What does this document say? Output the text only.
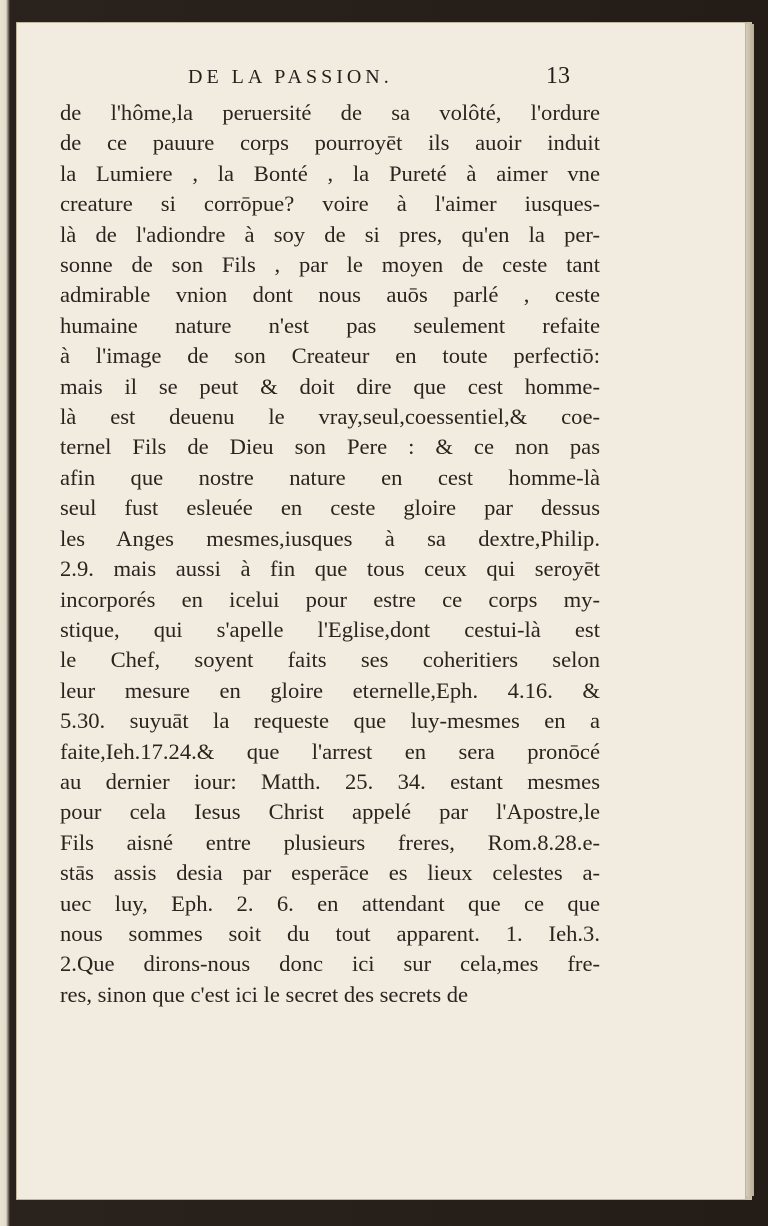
DE LA PASSION.	13
de l'hôme,la peruersité de sa volôté, l'ordure
de ce pauure corps pourroyēt ils auoir induit
la Lumiere , la Bonté , la Pureté à aimer vne
creature si corrōpue? voire à l'aimer iusques-
là de l'adiondre à soy de si pres, qu'en la per-
sonne de son Fils , par le moyen de ceste tant
admirable vnion dont nous auōs parlé , ceste
humaine nature n'est pas seulement refaite
à l'image de son Createur en toute perfectiō:
mais il se peut & doit dire que cest homme-
là est deuenu le vray,seul,coessentiel,& coe-
ternel Fils de Dieu son Pere : & ce non pas
afin que nostre nature en cest homme-là
seul fust esleuée en ceste gloire par dessus
les Anges mesmes,iusques à sa dextre,Philip.
2.9. mais aussi à fin que tous ceux qui seroyēt
incorporés en icelui pour estre ce corps my-
stique, qui s'apelle l'Eglise,dont cestui-là est
le Chef, soyent faits ses coheritiers selon
leur mesure en gloire eternelle,Eph. 4.16. &
5.30. suyuāt la requeste que luy-mesmes en a
faite,Ieh.17.24.& que l'arrest en sera pronōcé
au dernier iour: Matth. 25. 34. estant mesmes
pour cela Iesus Christ appelé par l'Apostre,le
Fils aisné entre plusieurs freres, Rom.8.28.e-
stās assis desia par esperāce es lieux celestes a-
uec luy, Eph. 2. 6. en attendant que ce que
nous sommes soit du tout apparent. 1. Ieh.3.
2.Que dirons-nous donc ici sur cela,mes fre-
res, sinon que c'est ici le secret des secrets de
